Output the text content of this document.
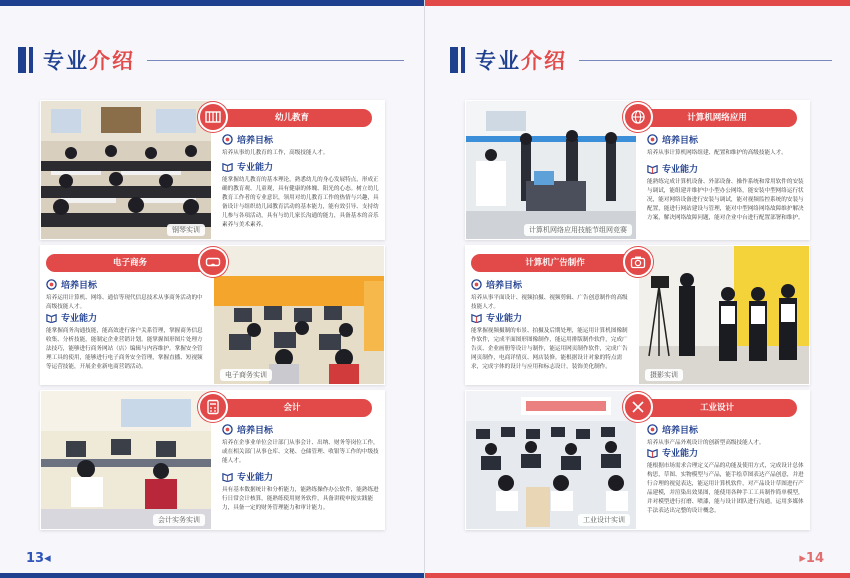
专业介绍
钢琴实训
幼儿教育
培养目标
培养从事幼儿教育的工作，高级技能人才。
专业能力
能掌握幼儿教育的基本理论，熟悉幼儿的身心发展特点，形成正确的教育观、儿童观，具有健康的体魄、阳光的心态。树立幼儿教育工作者的专业意识，领用对幼儿教育工作的热情与兴趣，具备设计与组织幼儿园教育活动的基本能力，能有效引导、支持幼儿参与各项活动，具有与幼儿家长沟通的能力，具备基本的音乐素养与美术素养。
电子商务实训
电子商务
培养目标
培养运用计算机、网络、通信等现代信息技术从事商务活动的中高级技能人才。
专业能力
能掌握商务沟通技能，能高效进行客户关系管理，掌握商务信息收集、分析技能，能制定企业营销计划。能掌握图形图片处理方法技巧，能够进行商务网站（店）编辑与内容维护。掌握安全管理工具的使用，能够进行电子商务安全管理，掌握直播、短视频等运营技能，开展企业新电商营销活动。
会计实务实训
会计
培养目标
培养在企事业单位会计部门从事会计、出纳、财务等岗位工作，或在相关部门从事仓库、文秘、仓储管理、收银等工作的中级技能人才。
专业能力
具有基本数据统计和分析能力，能熟练操作办公软件，能熟练进行日常会计核算，能熟练使用财务软件，具备讲税申报实践能力，具备一定的财务管理能力和审计能力。
13◂
专业介绍
计算机网络应用技能节组网竞赛
计算机网络应用
培养目标
培养从事计算机网络组建、配置和维护的高级技能人才。
专业能力
能熟练完成计算机设备、外部设备、操作系统和常用软件的安装与调试，能组建并维护中小型办公网络，能安装中型网络运行状况，能对网络设备进行安装与调试，能对视频监控系统的安装与配置，能进行网站建设与管理，能对中型网络网络故障维护解决方案，解决网络故障问题，能对企业中台进行配置部署和维护。
摄影实训
计算机广告制作
培养目标
培养从事平面设计、视频拍摄、视频剪辑、广告创意制作的高级技能人才。
专业能力
能掌握视频摄制的布景、拍摄及后期处理，能运用计算机图像制作软件，完成平面图形图像制作，能运用排版制作软件，完成广告页、企业画册等设计与制作，能运用网页制作软件，完成广告网页制作，电商详情页、网店装修。能根据设计对象的特点需求，完成字体的设计与应用和标志设计，装饰美化制作。
工业设计实训
工业设计
培养目标
培养从事产品外观设计的创新型高级技能人才。
专业能力
能根据市场需求合理定义产品的功能及使用方式，完成设计总体构思，草图、实物模型与产品，能手绘草图表达产品创意，并进行合理的视觉表达，能运用计算机软件，对产品设计草图进行产品建模，并渲染出效果图，能使用各种手工工具制作简单模型，并对模型进行打磨、喷漆，能与设计团队进行沟通，运用多媒体手法表达出完整的设计概念。
▸14
